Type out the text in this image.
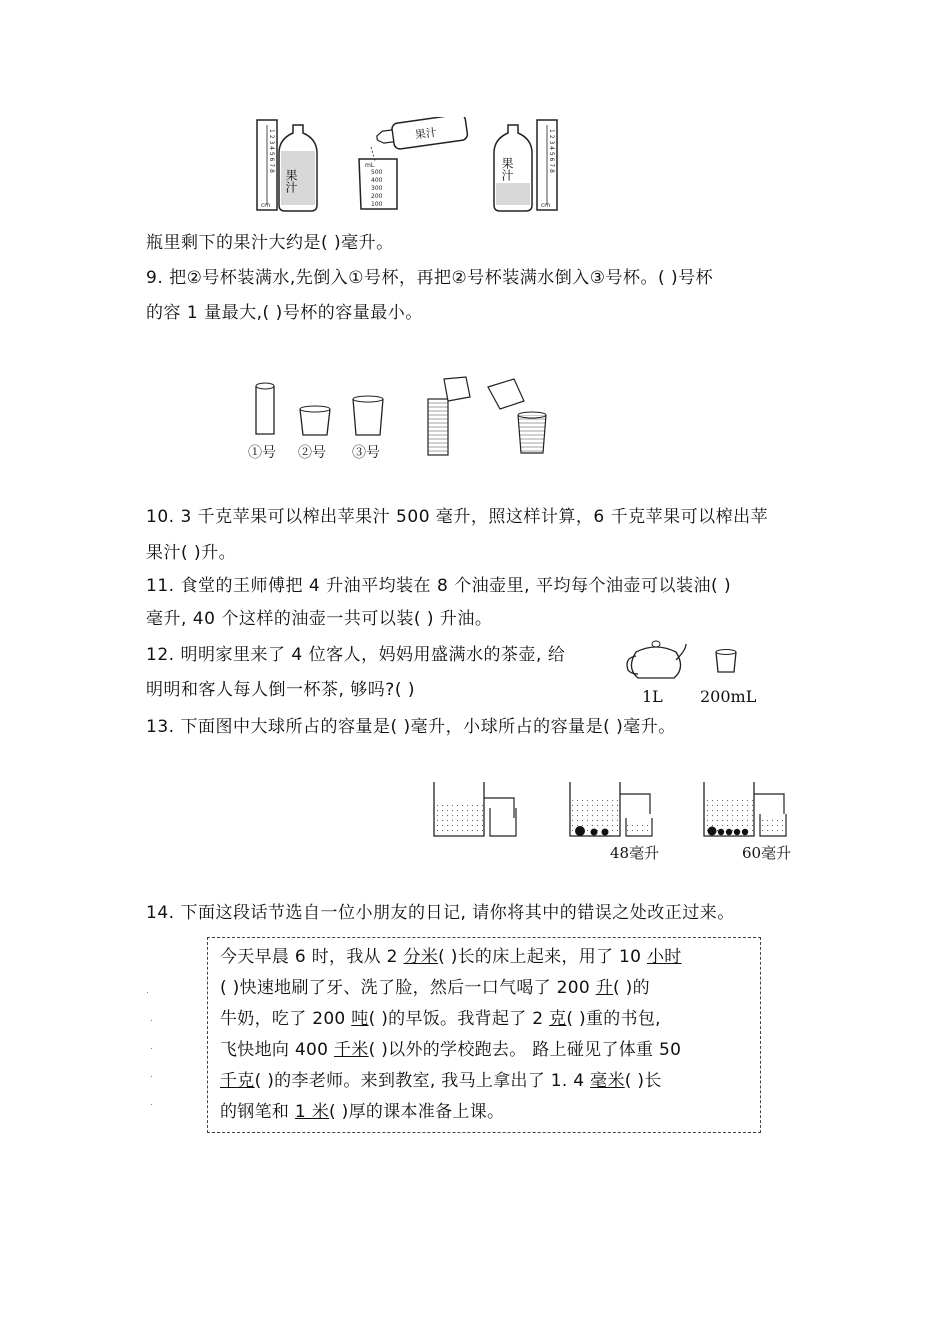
cm
1 2 3 4 5 6 7 8
果汁
果汁
mL
500
400
300
200
100
果汁
cm
1 2 3 4 5 6 7 8
瓶里剩下的果汁大约是( )毫升。
9. 把②号杯装满水,先倒入①号杯，再把②号杯装满水倒入③号杯。( )号杯
的容 1 量最大,( )号杯的容量最小。
①号 ②号 ③号
10. 3 千克苹果可以榨出苹果汁 500 毫升，照这样计算，6 千克苹果可以榨出苹
果汁( )升。
11. 食堂的王师傅把 4 升油平均装在 8 个油壶里, 平均每个油壶可以装油( )
毫升, 40 个这样的油壶一共可以装( ) 升油。
12. 明明家里来了 4 位客人，妈妈用盛满水的茶壶, 给
明明和客人每人倒一杯茶, 够吗?( )	1L 200mL
13. 下面图中大球所占的容量是( )毫升，小球所占的容量是( )毫升。
48毫升	60毫升
14. 下面这段话节选自一位小朋友的日记, 请你将其中的错误之处改正过来。
.
.
.
.
.
今天早晨 6 时，我从 2 分米( )长的床上起来，用了 10 小时
( )快速地刷了牙、洗了脸，然后一口气喝了 200 升( )的
牛奶，吃了 200 吨( )的早饭。我背起了 2 克( )重的书包,
飞快地向 400 千米( )以外的学校跑去。 路上碰见了体重 50
千克( )的李老师。来到教室, 我马上拿出了 1. 4 毫米( )长
的钢笔和 1 米( )厚的课本准备上课。
